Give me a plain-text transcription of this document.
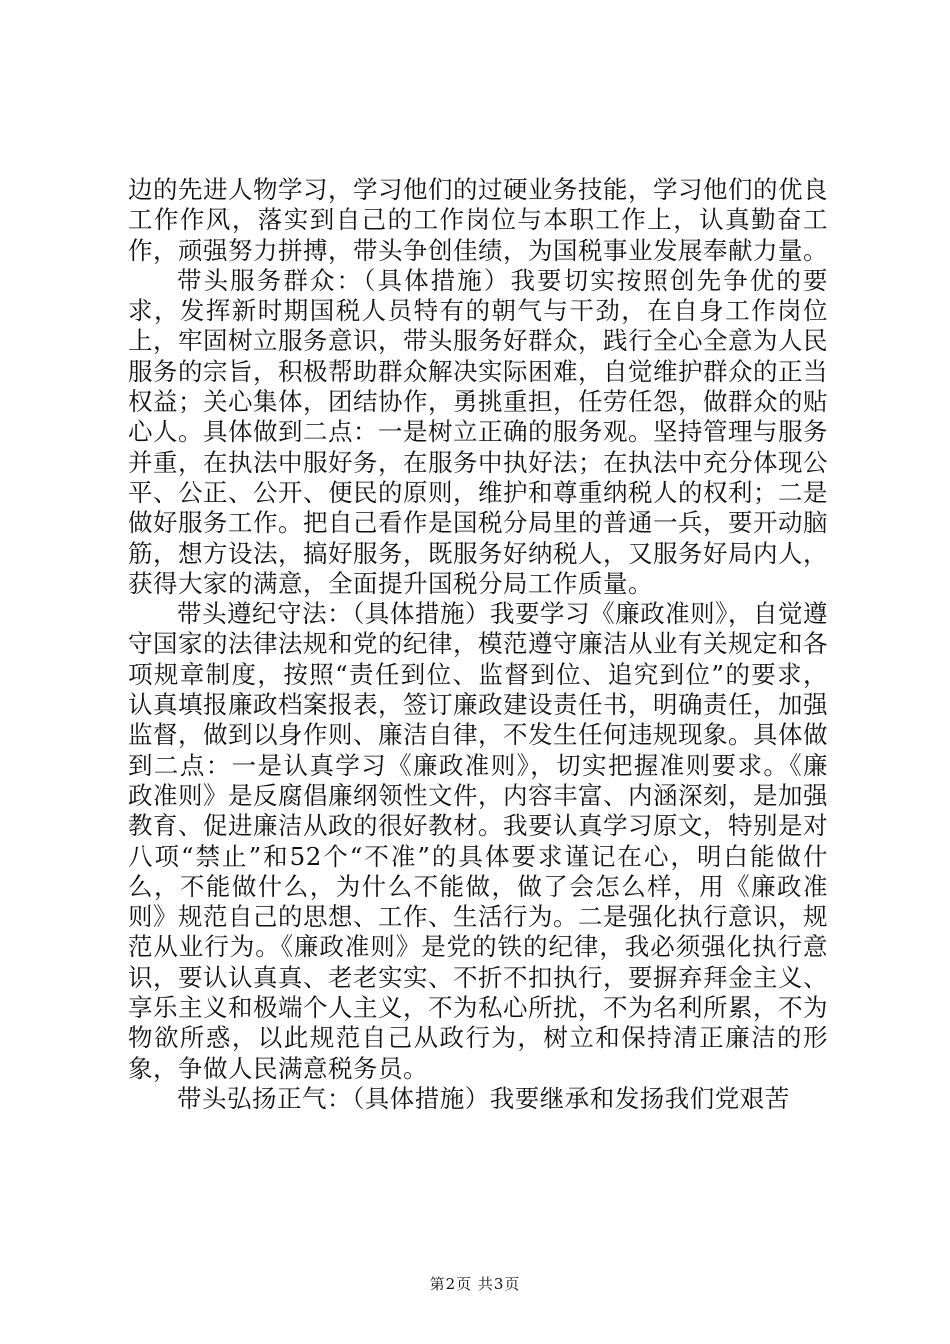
边的先进人物学习，学习他们的过硬业务技能，学习他们的优良工作作风，落实到自己的工作岗位与本职工作上，认真勤奋工作，顽强努力拼搏，带头争创佳绩，为国税事业发展奉献力量。

带头服务群众：（具体措施）我要切实按照创先争优的要求，发挥新时期国税人员特有的朝气与干劲，在自身工作岗位上，牢固树立服务意识，带头服务好群众，践行全心全意为人民服务的宗旨，积极帮助群众解决实际困难，自觉维护群众的正当权益；关心集体，团结协作，勇挑重担，任劳任怨，做群众的贴心人。具体做到二点：一是树立正确的服务观。坚持管理与服务并重，在执法中服好务，在服务中执好法；在执法中充分体现公平、公正、公开、便民的原则，维护和尊重纳税人的权利；二是做好服务工作。把自己看作是国税分局里的普通一兵，要开动脑筋，想方设法，搞好服务，既服务好纳税人，又服务好局内人，获得大家的满意，全面提升国税分局工作质量。

带头遵纪守法：（具体措施）我要学习《廉政准则》，自觉遵守国家的法律法规和党的纪律，模范遵守廉洁从业有关规定和各项规章制度，按照“责任到位、监督到位、追究到位”的要求，认真填报廉政档案报表，签订廉政建设责任书，明确责任，加强监督，做到以身作则、廉洁自律，不发生任何违规现象。具体做到二点：一是认真学习《廉政准则》，切实把握准则要求。《廉政准则》是反腐倡廉纲领性文件，内容丰富、内涵深刻，是加强教育、促进廉洁从政的很好教材。我要认真学习原文，特别是对八项“禁止”和52个“不准”的具体要求谨记在心，明白能做什么，不能做什么，为什么不能做，做了会怎么样，用《廉政准则》规范自己的思想、工作、生活行为。二是强化执行意识，规范从业行为。《廉政准则》是党的铁的纪律，我必须强化执行意识，要认认真真、老老实实、不折不扣执行，要摒弃拜金主义、享乐主义和极端个人主义，不为私心所扰，不为名利所累，不为物欲所惑，以此规范自己从政行为，树立和保持清正廉洁的形象，争做人民满意税务员。

带头弘扬正气：（具体措施）我要继承和发扬我们党艰苦

第2页 共3页
